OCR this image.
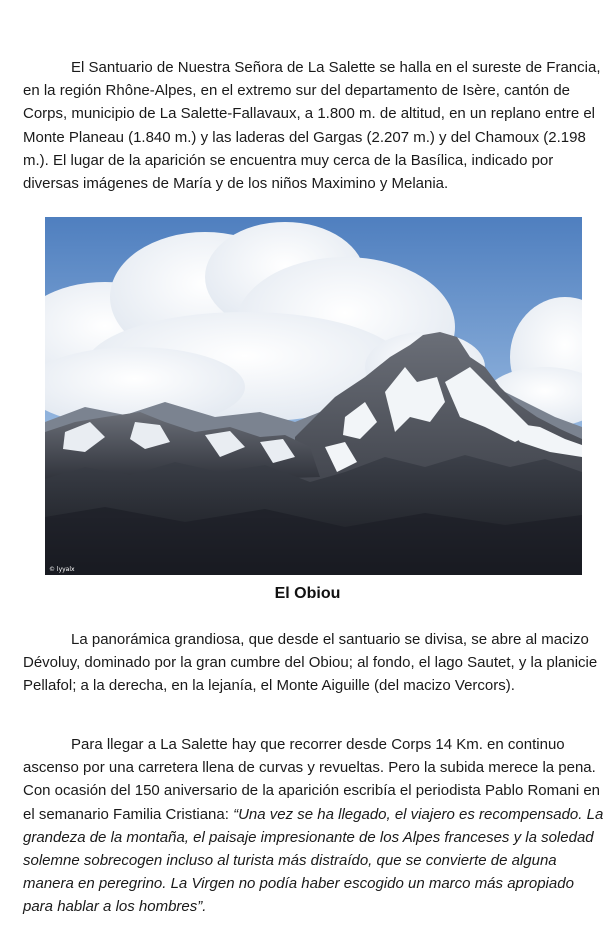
El Santuario de Nuestra Señora de La Salette se halla en el sureste de Francia, en la región Rhône-Alpes, en el extremo sur del departamento de Isère, cantón de Corps, municipio de La Salette-Fallavaux, a 1.800 m. de altitud, en un replano entre el Monte Planeau (1.840 m.) y las laderas del Gargas (2.207 m.) y del Chamoux (2.198 m.). El lugar de la aparición se encuentra muy cerca de la Basílica, indicado por diversas imágenes de María y de los niños Maximino y Melania.

© lyyalx
El Obiou

La panorámica grandiosa, que desde el santuario se divisa, se abre al macizo Dévoluy, dominado por la gran cumbre del Obiou; al fondo, el lago Sautet, y la planicie Pellafol; a la derecha, en la lejanía, el Monte Aiguille (del macizo Vercors).

Para llegar a La Salette hay que recorrer desde Corps 14 Km. en continuo ascenso por una carretera llena de curvas y revueltas. Pero la subida merece la pena. Con ocasión del 150 aniversario de la aparición escribía el periodista Pablo Romani en el semanario Familia Cristiana: “Una vez se ha llegado, el viajero es recompensado. La grandeza de la montaña, el paisaje impresionante de los Alpes franceses y la soledad solemne sobrecogen incluso al turista más distraído, que se convierte de alguna manera en peregrino. La Virgen no podía haber escogido un marco más apropiado para hablar a los hombres”.
